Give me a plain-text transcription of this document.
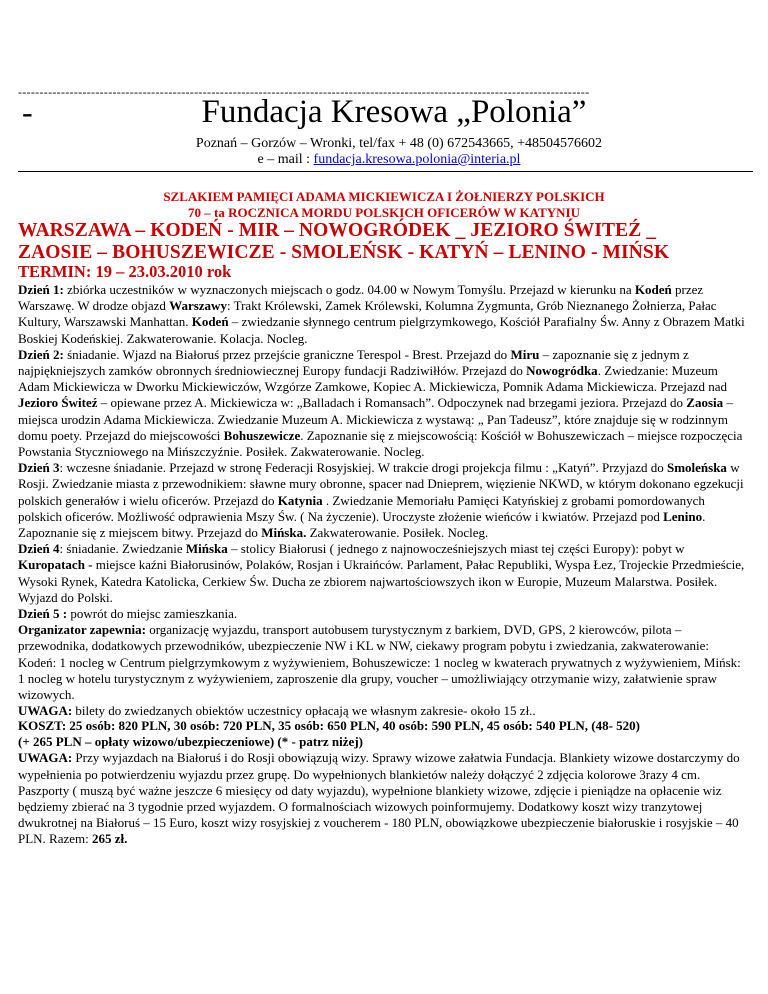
-------------------------------------------------------------------------------------------------------------------------------------
-	Fundacja Kresowa „Polonia”
Poznań – Gorzów – Wronki, tel/fax + 48 (0) 672543665, +48504576602
e – mail : fundacja.kresowa.polonia@interia.pl
SZLAKIEM PAMIĘCI ADAMA MICKIEWICZA I ŻOŁNIERZY POLSKICH
70 – ta ROCZNICA MORDU POLSKICH OFICERÓW W KATYNIU
WARSZAWA – KODEŃ - MIR – NOWOGRÓDEK _ JEZIORO ŚWITEŹ _
ZAOSIE – BOHUSZEWICZE - SMOLEŃSK - KATYŃ – LENINO - MIŃSK
TERMIN: 19 – 23.03.2010 rok

Dzień 1: zbiórka uczestników w wyznaczonych miejscach o godz. 04.00 w Nowym Tomyślu. Przejazd w kierunku na Kodeń przez Warszawę. W drodze objazd Warszawy: Trakt Królewski, Zamek Królewski, Kolumna Zygmunta, Grób Nieznanego Żołnierza, Pałac Kultury, Warszawski Manhattan. Kodeń – zwiedzanie słynnego centrum pielgrzymkowego, Kościół Parafialny Św. Anny z Obrazem Matki Boskiej Kodeńskiej. Zakwaterowanie. Kolacja. Nocleg.

Dzień 2: śniadanie. Wjazd na Białoruś przez przejście graniczne Terespol - Brest. Przejazd do Miru – zapoznanie się z jednym z najpiękniejszych zamków obronnych średniowiecznej Europy fundacji Radziwiłłów. Przejazd do Nowogródka. Zwiedzanie: Muzeum Adam Mickiewicza w Dworku Mickiewiczów, Wzgórze Zamkowe, Kopiec A. Mickiewicza, Pomnik Adama Mickiewicza. Przejazd nad Jezioro Świteź – opiewane przez A. Mickiewicza w: „Balladach i Romansach”. Odpoczynek nad brzegami jeziora. Przejazd do Zaosia – miejsca urodzin Adama Mickiewicza. Zwiedzanie Muzeum A. Mickiewicza z wystawą: „ Pan Tadeusz”, które znajduje się w rodzinnym domu poety. Przejazd do miejscowości Bohuszewicze. Zapoznanie się z miejscowością: Kościół w Bohuszewiczach – miejsce rozpoczęcia Powstania Styczniowego na Mińszczyźnie. Posiłek. Zakwaterowanie. Nocleg.

Dzień 3: wczesne śniadanie. Przejazd w stronę Federacji Rosyjskiej. W trakcie drogi projekcja filmu : „Katyń”. Przyjazd do Smoleńska w Rosji. Zwiedzanie miasta z przewodnikiem: sławne mury obronne, spacer nad Dnieprem, więzienie NKWD, w którym dokonano egzekucji polskich generałów i wielu oficerów. Przejazd do Katynia . Zwiedzanie Memoriału Pamięci Katyńskiej z grobami pomordowanych polskich oficerów. Możliwość odprawienia Mszy Św. ( Na życzenie). Uroczyste złożenie wieńców i kwiatów. Przejazd pod Lenino. Zapoznanie się z miejscem bitwy. Przejazd do Mińska. Zakwaterowanie. Posiłek. Nocleg.

Dzień 4: śniadanie. Zwiedzanie Mińska – stolicy Białorusi ( jednego z najnowocześniejszych miast tej części Europy): pobyt w Kuropatach - miejsce kaźni Białorusinów, Polaków, Rosjan i Ukraińców. Parlament, Pałac Republiki, Wyspa Łez, Trojeckie Przedmieście, Wysoki Rynek, Katedra Katolicka, Cerkiew Św. Ducha ze zbiorem najwartościowszych ikon w Europie, Muzeum Malarstwa. Posiłek. Wyjazd do Polski.

Dzień 5 : powrót do miejsc zamieszkania.

Organizator zapewnia: organizację wyjazdu, transport autobusem turystycznym z barkiem, DVD, GPS, 2 kierowców, pilota – przewodnika, dodatkowych przewodników, ubezpieczenie NW i KL w NW, ciekawy program pobytu i zwiedzania, zakwaterowanie: Kodeń: 1 nocleg w Centrum pielgrzymkowym z wyżywieniem, Bohuszewicze: 1 nocleg w kwaterach prywatnych z wyżywieniem, Mińsk: 1 nocleg w hotelu turystycznym z wyżywieniem, zaproszenie dla grupy, voucher – umożliwiający otrzymanie wizy, załatwienie spraw wizowych.

UWAGA: bilety do zwiedzanych obiektów uczestnicy opłacają we własnym zakresie- około 15 zł..

KOSZT: 25 osób: 820 PLN, 30 osób: 720 PLN, 35 osób: 650 PLN, 40 osób: 590 PLN, 45 osób: 540 PLN, (48- 520)

(+ 265 PLN – opłaty wizowo/ubezpieczeniowe) (* - patrz niżej)

UWAGA: Przy wyjazdach na Białoruś i do Rosji obowiązują wizy. Sprawy wizowe załatwia Fundacja. Blankiety wizowe dostarczymy do wypełnienia po potwierdzeniu wyjazdu przez grupę. Do wypełnionych blankietów należy dołączyć 2 zdjęcia kolorowe 3razy 4 cm. Paszporty ( muszą być ważne jeszcze 6 miesięcy od daty wyjazdu), wypełnione blankiety wizowe, zdjęcie i pieniądze na opłacenie wiz będziemy zbierać na 3 tygodnie przed wyjazdem. O formalnościach wizowych poinformujemy. Dodatkowy koszt wizy tranzytowej dwukrotnej na Białoruś – 15 Euro, koszt wizy rosyjskiej z voucherem - 180 PLN, obowiązkowe ubezpieczenie białoruskie i rosyjskie – 40 PLN. Razem: 265 zł.
